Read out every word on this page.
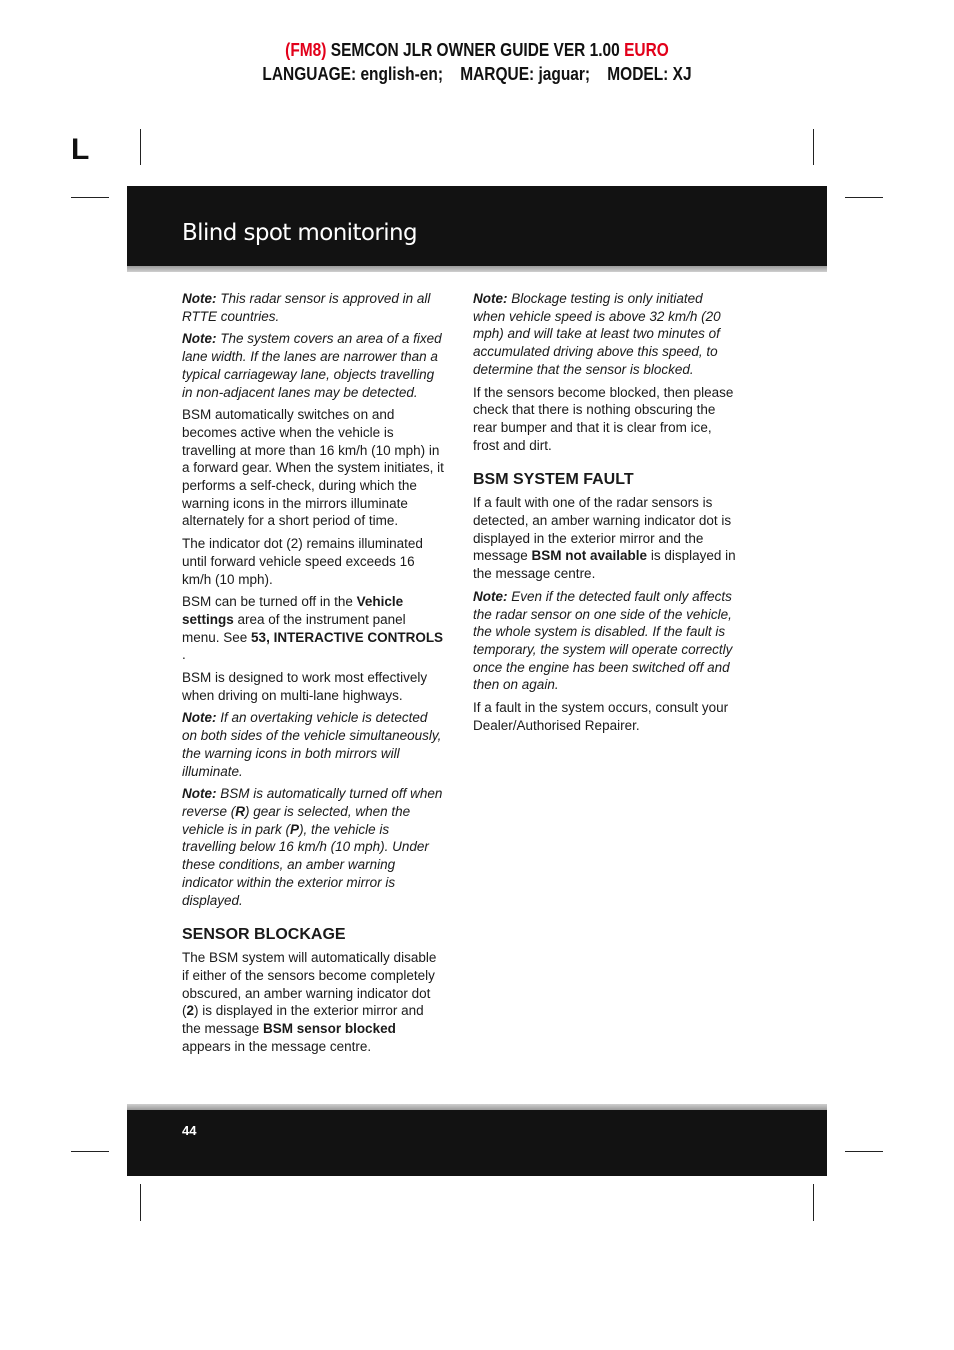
(FM8) SEMCON JLR OWNER GUIDE VER 1.00 EURO
LANGUAGE: english-en;    MARQUE: jaguar;    MODEL: XJ
L
Blind spot monitoring

Note: This radar sensor is approved in all RTTE countries.

Note: The system covers an area of a fixed lane width. If the lanes are narrower than a typical carriageway lane, objects travelling in non-adjacent lanes may be detected.

BSM automatically switches on and becomes active when the vehicle is travelling at more than 16 km/h (10 mph) in a forward gear. When the system initiates, it performs a self-check, during which the warning icons in the mirrors illuminate alternately for a short period of time.

The indicator dot (2) remains illuminated until forward vehicle speed exceeds 16 km/h (10 mph).

BSM can be turned off in the Vehicle settings area of the instrument panel menu. See 53, INTERACTIVE CONTROLS .

BSM is designed to work most effectively when driving on multi-lane highways.

Note: If an overtaking vehicle is detected on both sides of the vehicle simultaneously, the warning icons in both mirrors will illuminate.

Note: BSM is automatically turned off when reverse (R) gear is selected, when the vehicle is in park (P), the vehicle is travelling below 16 km/h (10 mph). Under these conditions, an amber warning indicator within the exterior mirror is displayed.

SENSOR BLOCKAGE

The BSM system will automatically disable if either of the sensors become completely obscured, an amber warning indicator dot (2) is displayed in the exterior mirror and the message BSM sensor blocked appears in the message centre.

Note: Blockage testing is only initiated when vehicle speed is above 32 km/h (20 mph) and will take at least two minutes of accumulated driving above this speed, to determine that the sensor is blocked.

If the sensors become blocked, then please check that there is nothing obscuring the rear bumper and that it is clear from ice, frost and dirt.

BSM SYSTEM FAULT

If a fault with one of the radar sensors is detected, an amber warning indicator dot is displayed in the exterior mirror and the message BSM not available is displayed in the message centre.

Note: Even if the detected fault only affects the radar sensor on one side of the vehicle, the whole system is disabled. If the fault is temporary, the system will operate correctly once the engine has been switched off and then on again.

If a fault in the system occurs, consult your Dealer/Authorised Repairer.

44
